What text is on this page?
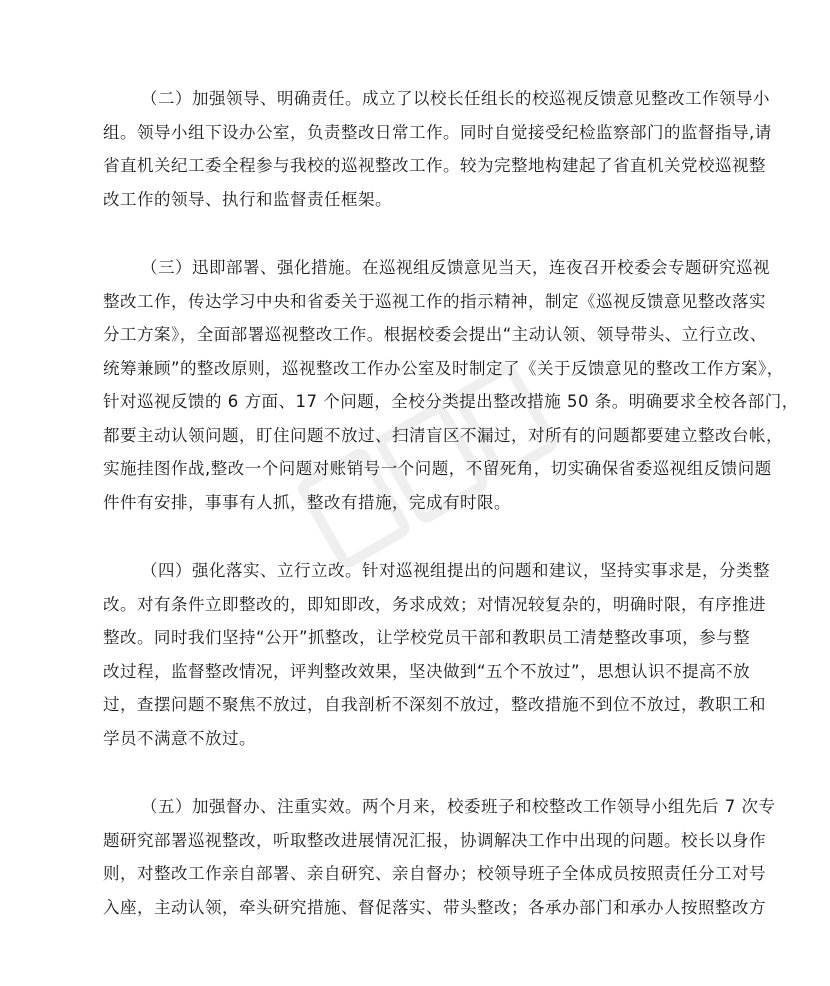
（二）加强领导、明确责任。成立了以校长任组长的校巡视反馈意见整改工作领导小
组。领导小组下设办公室，负责整改日常工作。同时自觉接受纪检监察部门的监督指导,请
省直机关纪工委全程参与我校的巡视整改工作。较为完整地构建起了省直机关党校巡视整
改工作的领导、执行和监督责任框架。
（三）迅即部署、强化措施。在巡视组反馈意见当天，连夜召开校委会专题研究巡视
整改工作，传达学习中央和省委关于巡视工作的指示精神，制定《巡视反馈意见整改落实
分工方案》，全面部署巡视整改工作。根据校委会提出“主动认领、领导带头、立行立改、
统筹兼顾”的整改原则，巡视整改工作办公室及时制定了《关于反馈意见的整改工作方案》，
针对巡视反馈的 6 方面、17 个问题，全校分类提出整改措施 50 条。明确要求全校各部门，
都要主动认领问题，盯住问题不放过、扫清盲区不漏过，对所有的问题都要建立整改台帐，
实施挂图作战,整改一个问题对账销号一个问题，不留死角，切实确保省委巡视组反馈问题
件件有安排，事事有人抓，整改有措施，完成有时限。
（四）强化落实、立行立改。针对巡视组提出的问题和建议，坚持实事求是，分类整
改。对有条件立即整改的，即知即改，务求成效；对情况较复杂的，明确时限，有序推进
整改。同时我们坚持“公开”抓整改，让学校党员干部和教职员工清楚整改事项，参与整
改过程，监督整改情况，评判整改效果，坚决做到“五个不放过”，思想认识不提高不放
过，查摆问题不聚焦不放过，自我剖析不深刻不放过，整改措施不到位不放过，教职工和
学员不满意不放过。
（五）加强督办、注重实效。两个月来，校委班子和校整改工作领导小组先后 7 次专
题研究部署巡视整改，听取整改进展情况汇报，协调解决工作中出现的问题。校长以身作
则，对整改工作亲自部署、亲自研究、亲自督办；校领导班子全体成员按照责任分工对号
入座，主动认领，牵头研究措施、督促落实、带头整改；各承办部门和承办人按照整改方
